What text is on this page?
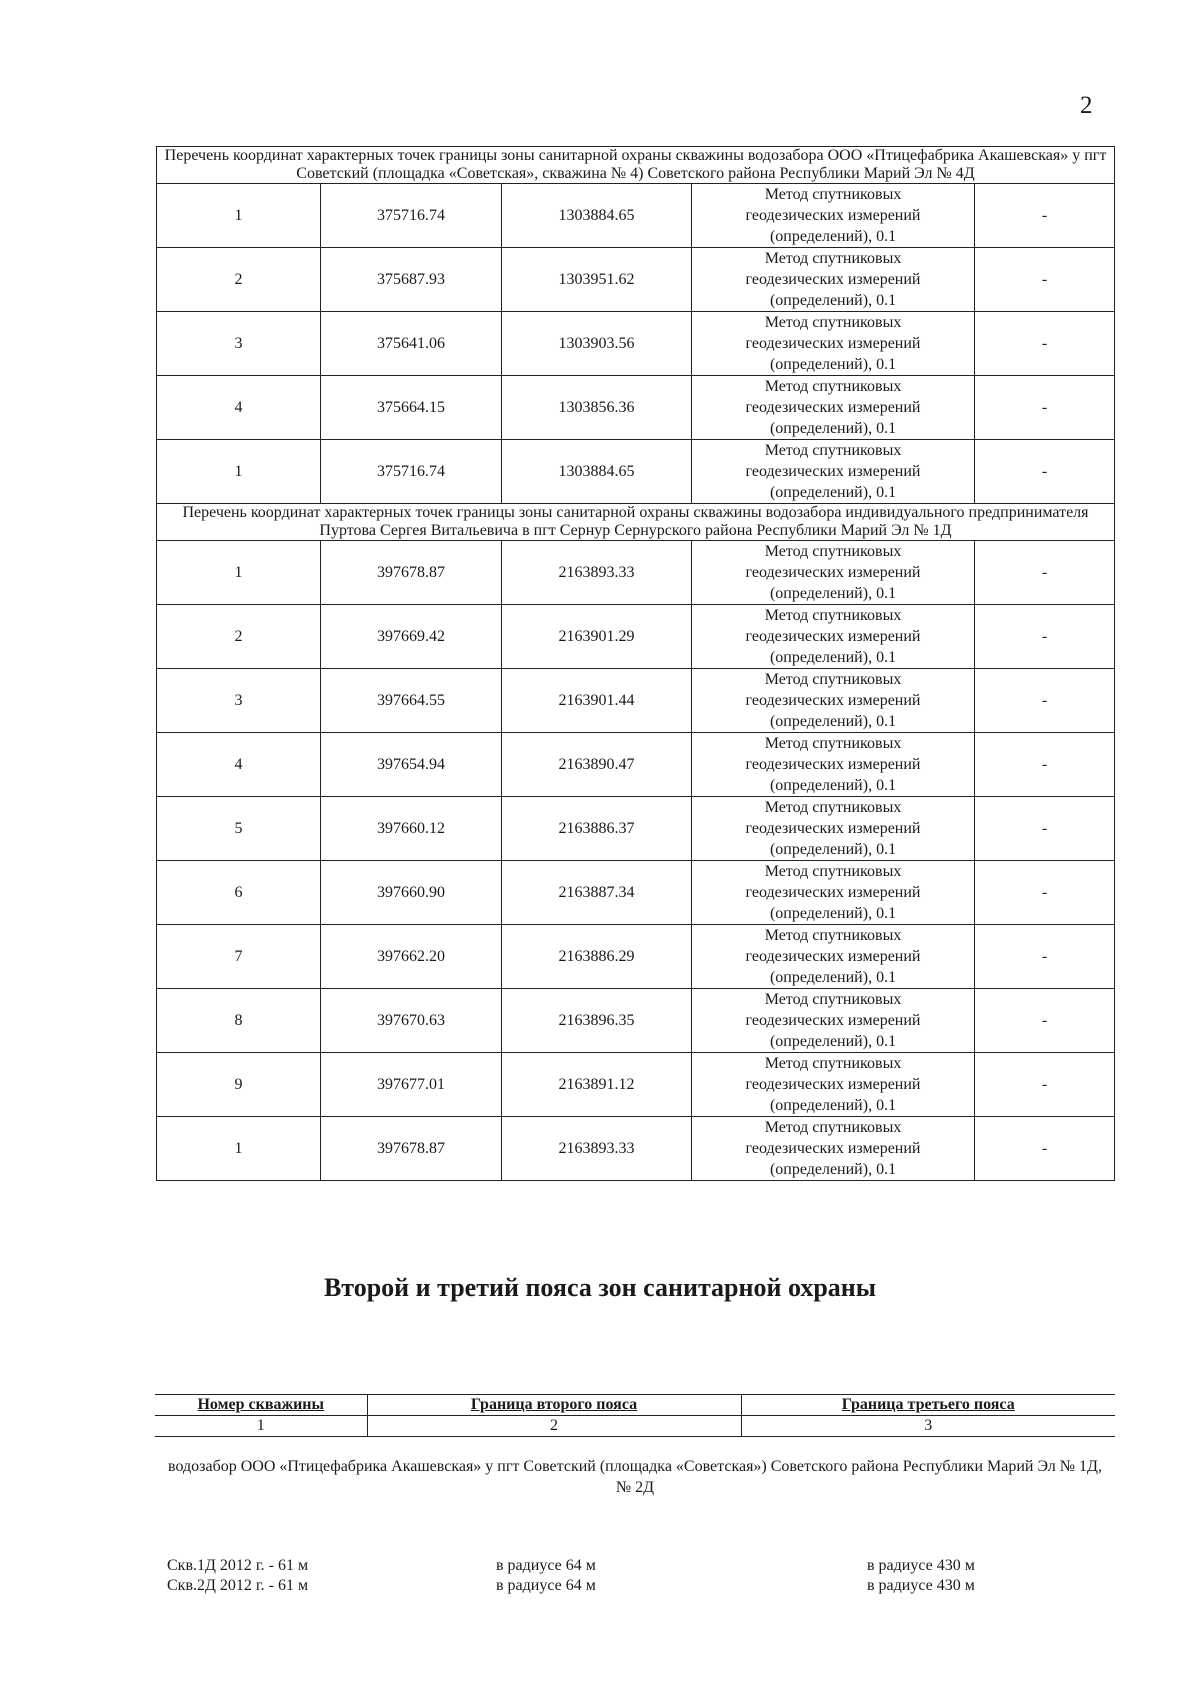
2
Перечень координат характерных точек границы зоны санитарной охраны скважины водозабора ООО «Птицефабрика Акашевская» у пгт Советский (площадка «Советская», скважина № 4) Советского района Республики Марий Эл № 4Д				
1	375716.74	1303884.65	Метод спутниковых геодезических измерений (определений), 0.1	-
2	375687.93	1303951.62	Метод спутниковых геодезических измерений (определений), 0.1	-
3	375641.06	1303903.56	Метод спутниковых геодезических измерений (определений), 0.1	-
4	375664.15	1303856.36	Метод спутниковых геодезических измерений (определений), 0.1	-
1	375716.74	1303884.65	Метод спутниковых геодезических измерений (определений), 0.1	-
Перечень координат характерных точек границы зоны санитарной охраны скважины водозабора индивидуального предпринимателя Пуртова Сергея Витальевича в пгт Сернур Сернурского района Республики Марий Эл № 1Д				
1	397678.87	2163893.33	Метод спутниковых геодезических измерений (определений), 0.1	-
2	397669.42	2163901.29	Метод спутниковых геодезических измерений (определений), 0.1	-
3	397664.55	2163901.44	Метод спутниковых геодезических измерений (определений), 0.1	-
4	397654.94	2163890.47	Метод спутниковых геодезических измерений (определений), 0.1	-
5	397660.12	2163886.37	Метод спутниковых геодезических измерений (определений), 0.1	-
6	397660.90	2163887.34	Метод спутниковых геодезических измерений (определений), 0.1	-
7	397662.20	2163886.29	Метод спутниковых геодезических измерений (определений), 0.1	-
8	397670.63	2163896.35	Метод спутниковых геодезических измерений (определений), 0.1	-
9	397677.01	2163891.12	Метод спутниковых геодезических измерений (определений), 0.1	-
1	397678.87	2163893.33	Метод спутниковых геодезических измерений (определений), 0.1	-
Второй и третий пояса зон санитарной охраны
Номер скважины	Граница второго пояса	Граница третьего пояса
1	2	3
водозабор ООО «Птицефабрика Акашевская» у пгт Советский (площадка «Советская») Советского района Республики Марий Эл № 1Д, № 2Д
Скв.1Д 2012 г. - 61 м	в радиусе 64 м	в радиусе 430 м
Скв.2Д 2012 г. - 61 м	в радиусе 64 м	в радиусе 430 м
